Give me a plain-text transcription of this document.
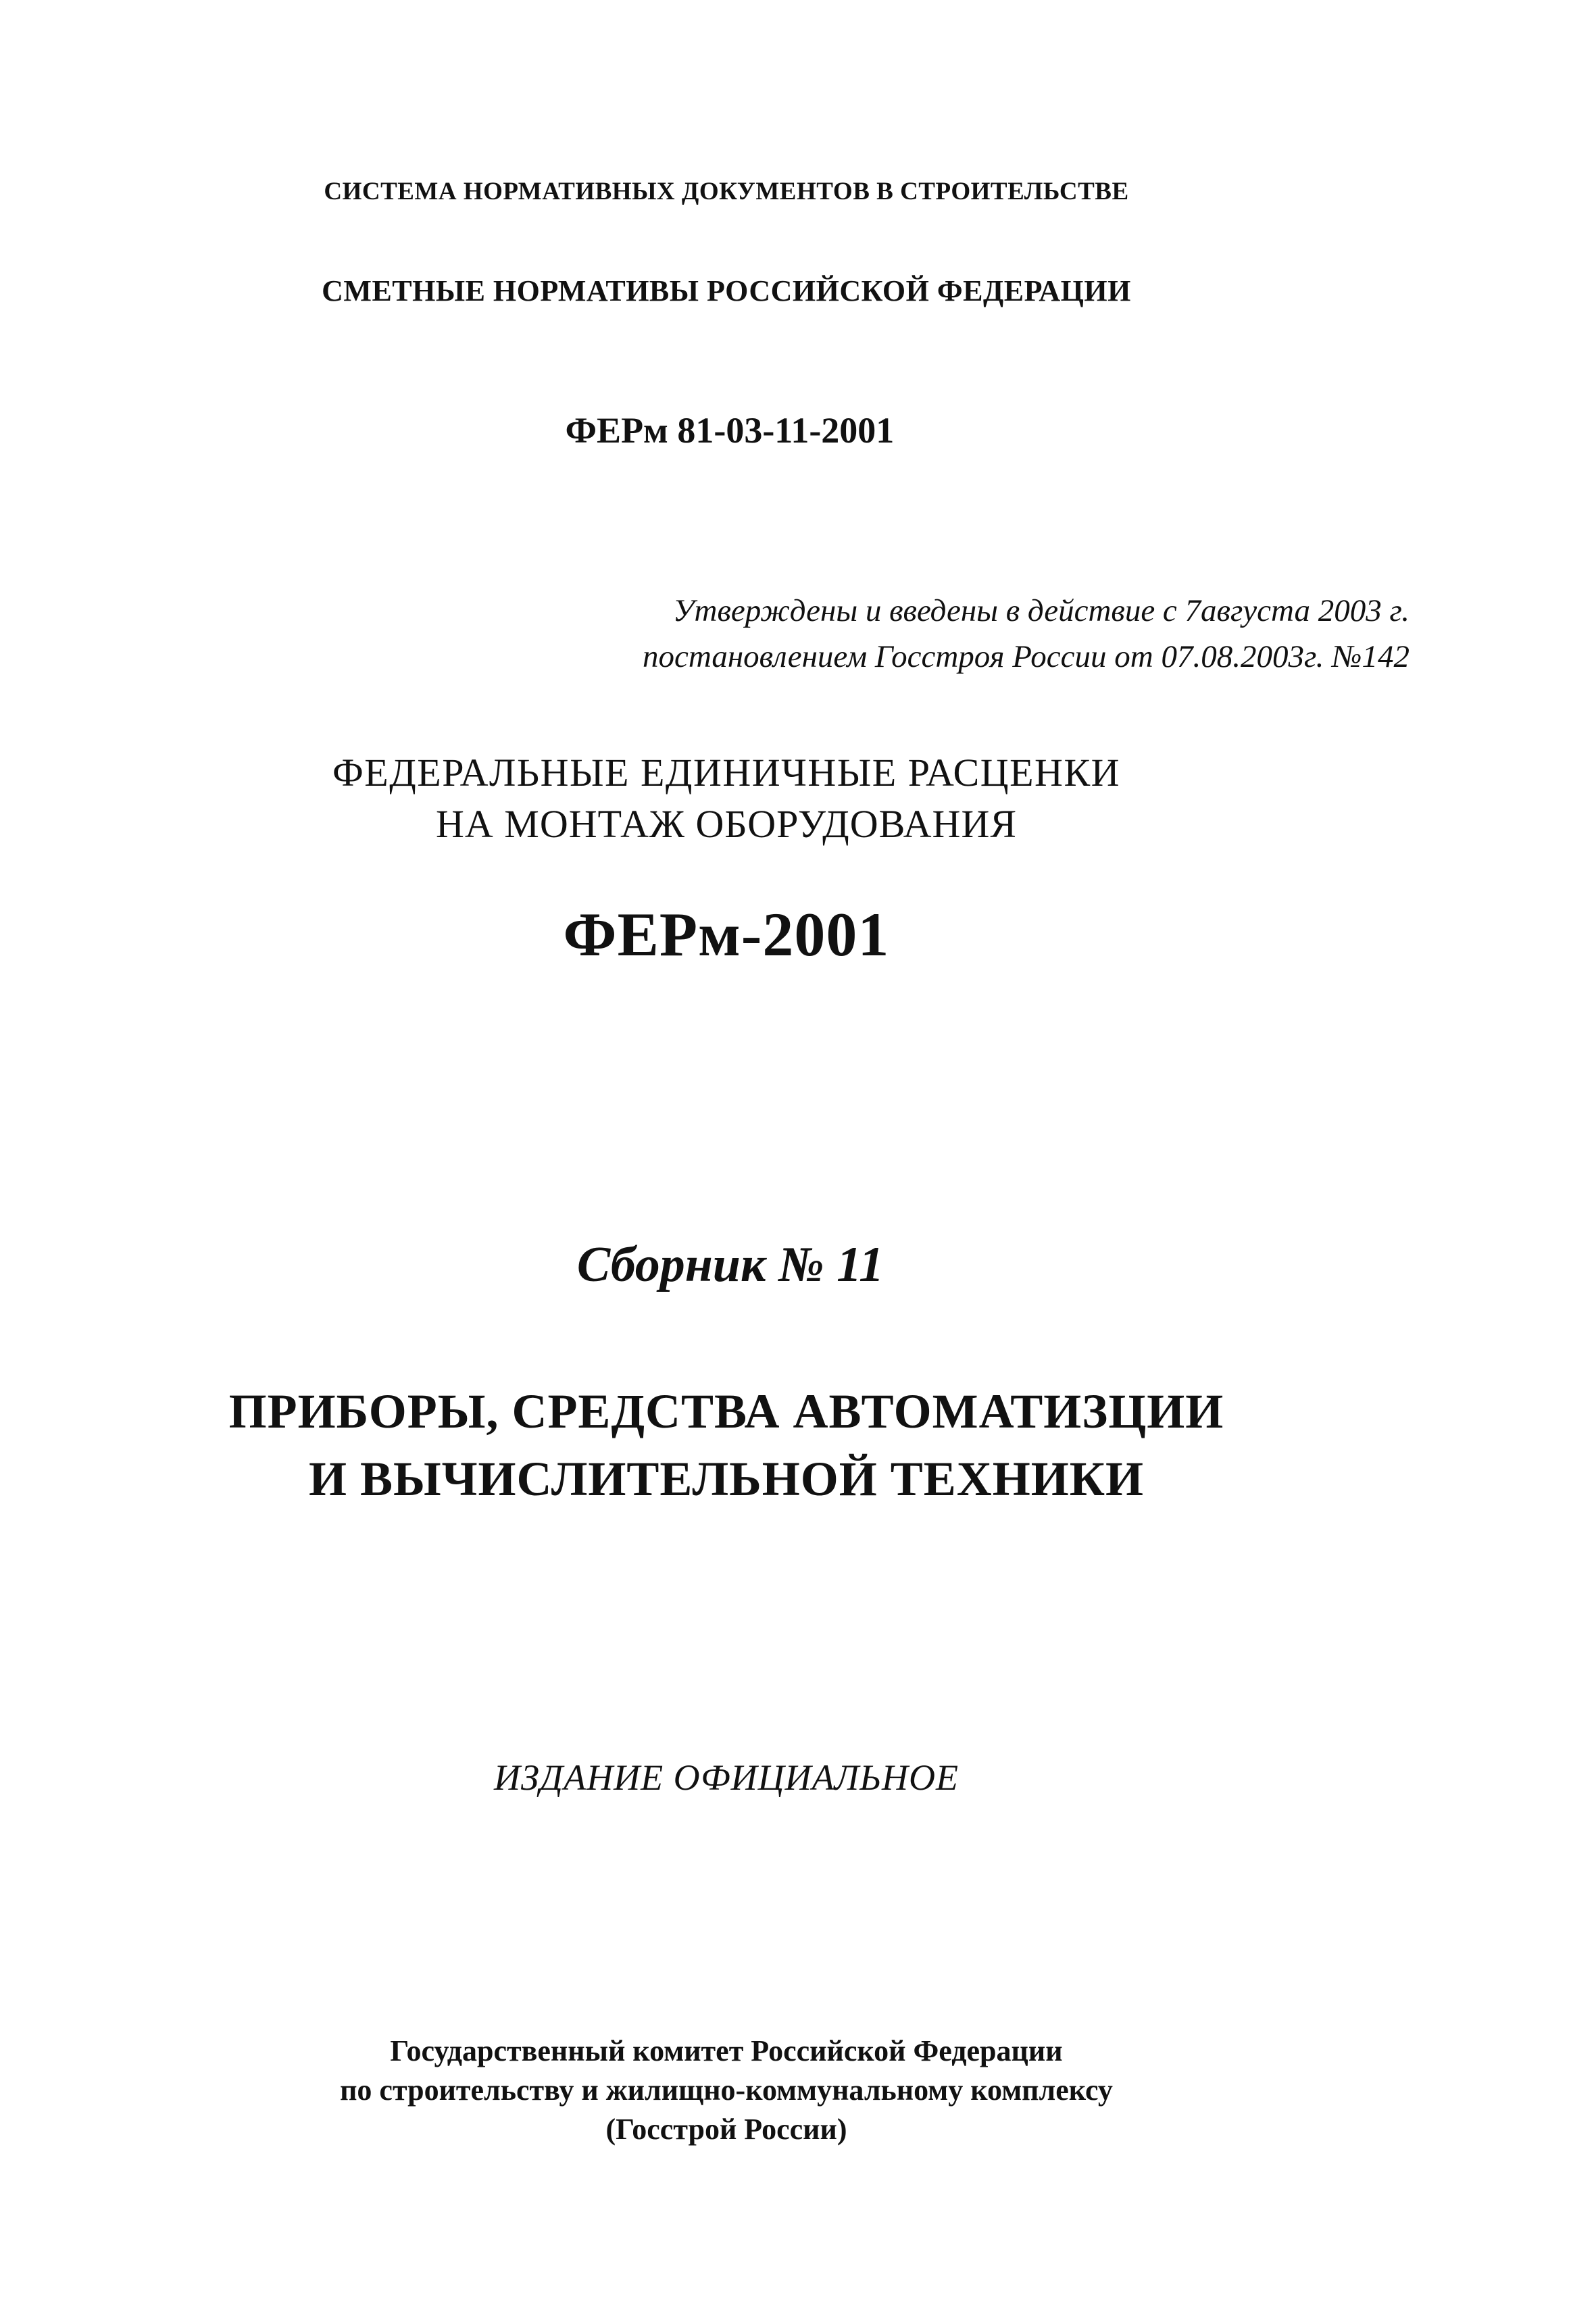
СИСТЕМА НОРМАТИВНЫХ ДОКУМЕНТОВ В СТРОИТЕЛЬСТВЕ
СМЕТНЫЕ НОРМАТИВЫ РОССИЙСКОЙ ФЕДЕРАЦИИ
ФЕРм 81-03-11-2001
Утверждены и введены в действие с 7августа 2003 г.
постановлением Госстроя России от 07.08.2003г. №142
ФЕДЕРАЛЬНЫЕ ЕДИНИЧНЫЕ РАСЦЕНКИ
НА МОНТАЖ ОБОРУДОВАНИЯ
ФЕРм-2001
Сборник № 11
ПРИБОРЫ, СРЕДСТВА АВТОМАТИЗЦИИ
И ВЫЧИСЛИТЕЛЬНОЙ ТЕХНИКИ
ИЗДАНИЕ ОФИЦИАЛЬНОЕ
Государственный комитет Российской Федерации
по строительству и жилищно-коммунальному комплексу
(Госстрой России)
